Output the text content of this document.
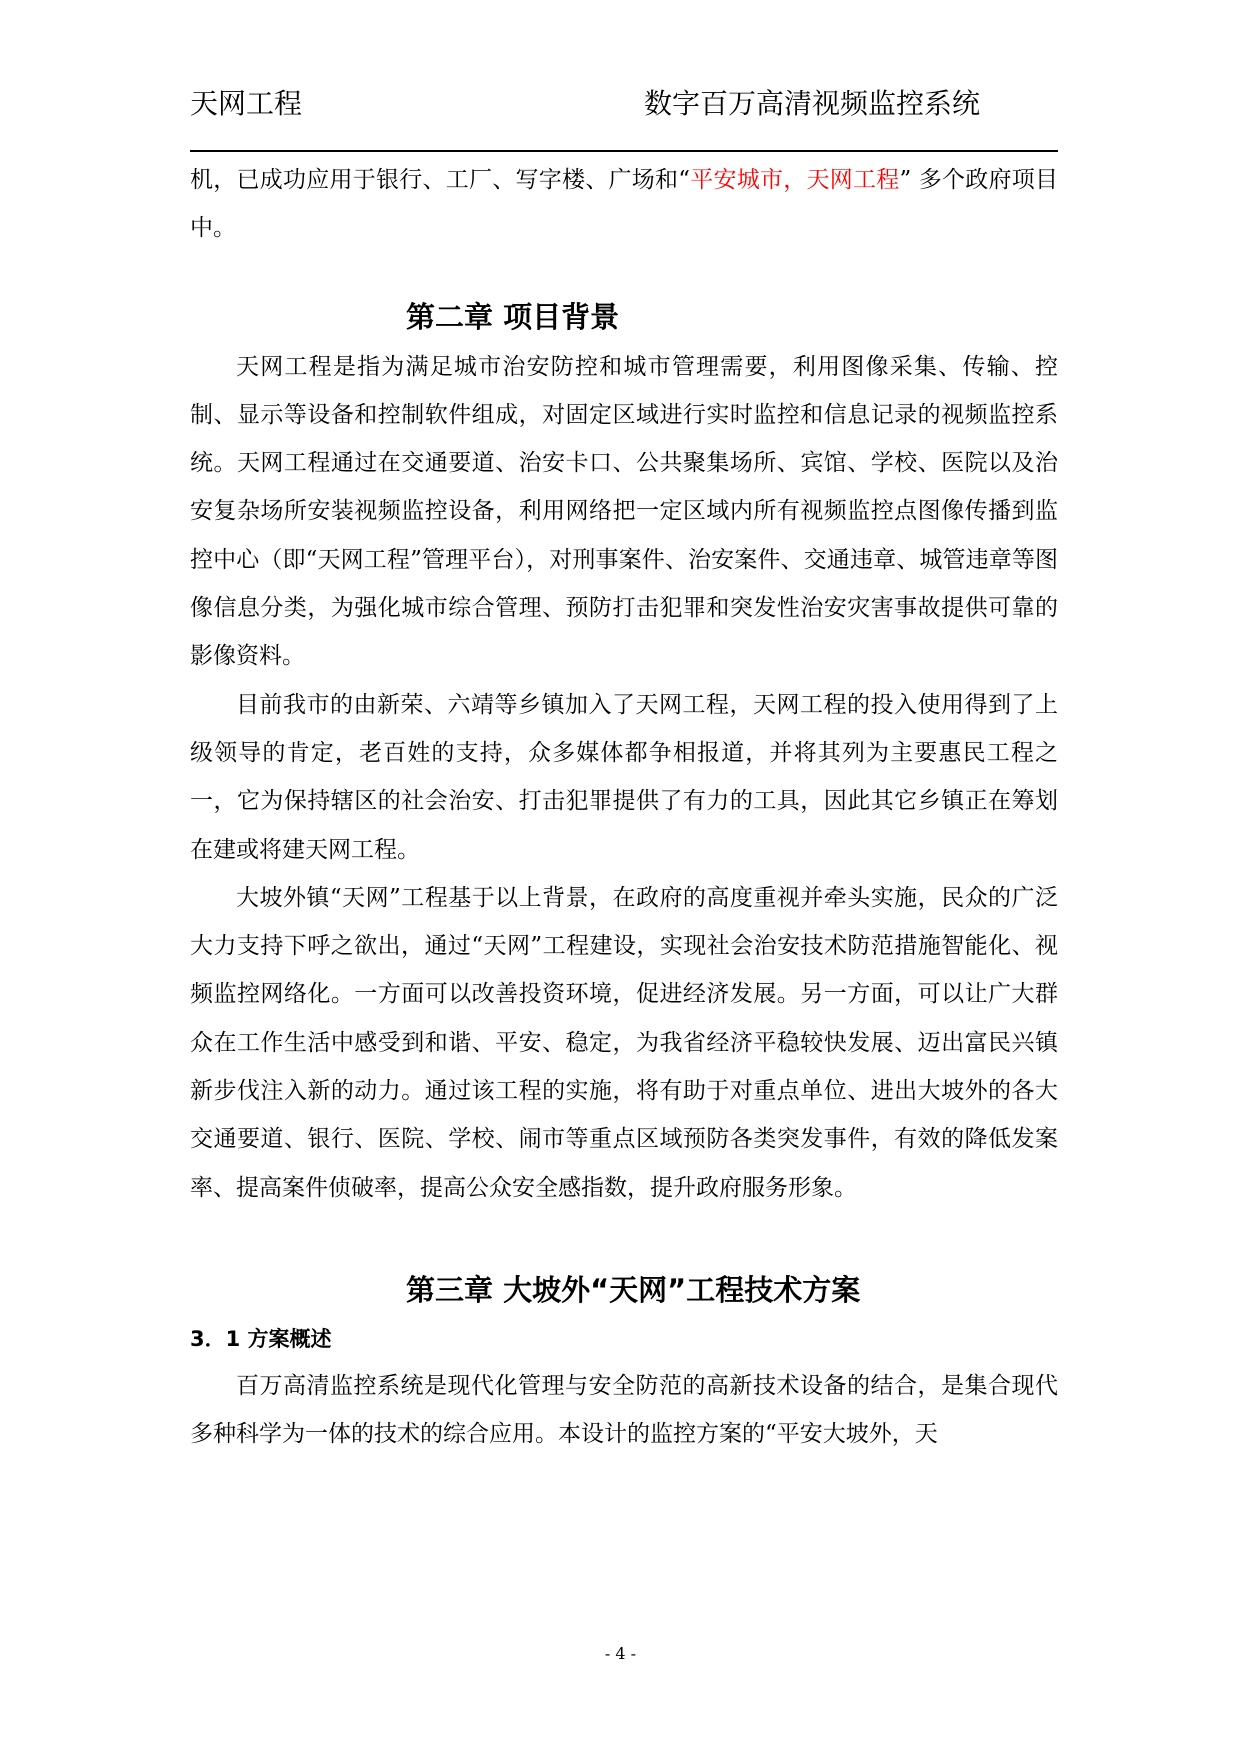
天网工程	数字百万高清视频监控系统

机，已成功应用于银行、工厂、写字楼、广场和“平安城市，天网工程” 多个政府项目中。

第二章 项目背景

天网工程是指为满足城市治安防控和城市管理需要，利用图像采集、传输、控制、显示等设备和控制软件组成，对固定区域进行实时监控和信息记录的视频监控系统。天网工程通过在交通要道、治安卡口、公共聚集场所、宾馆、学校、医院以及治安复杂场所安装视频监控设备，利用网络把一定区域内所有视频监控点图像传播到监控中心（即“天网工程”管理平台），对刑事案件、治安案件、交通违章、城管违章等图像信息分类，为强化城市综合管理、预防打击犯罪和突发性治安灾害事故提供可靠的影像资料。

目前我市的由新荣、六靖等乡镇加入了天网工程，天网工程的投入使用得到了上级领导的肯定，老百姓的支持，众多媒体都争相报道，并将其列为主要惠民工程之一，它为保持辖区的社会治安、打击犯罪提供了有力的工具，因此其它乡镇正在筹划在建或将建天网工程。

大坡外镇“天网”工程基于以上背景，在政府的高度重视并牵头实施，民众的广泛大力支持下呼之欲出，通过“天网”工程建设，实现社会治安技术防范措施智能化、视频监控网络化。一方面可以改善投资环境，促进经济发展。另一方面，可以让广大群众在工作生活中感受到和谐、平安、稳定，为我省经济平稳较快发展、迈出富民兴镇新步伐注入新的动力。通过该工程的实施，将有助于对重点单位、进出大坡外的各大交通要道、银行、医院、学校、闹市等重点区域预防各类突发事件，有效的降低发案率、提高案件侦破率，提高公众安全感指数，提升政府服务形象。

第三章 大坡外“天网”工程技术方案
3．1 方案概述

百万高清监控系统是现代化管理与安全防范的高新技术设备的结合，是集合现代多种科学为一体的技术的综合应用。本设计的监控方案的“平安大坡外，天

- 4 -
